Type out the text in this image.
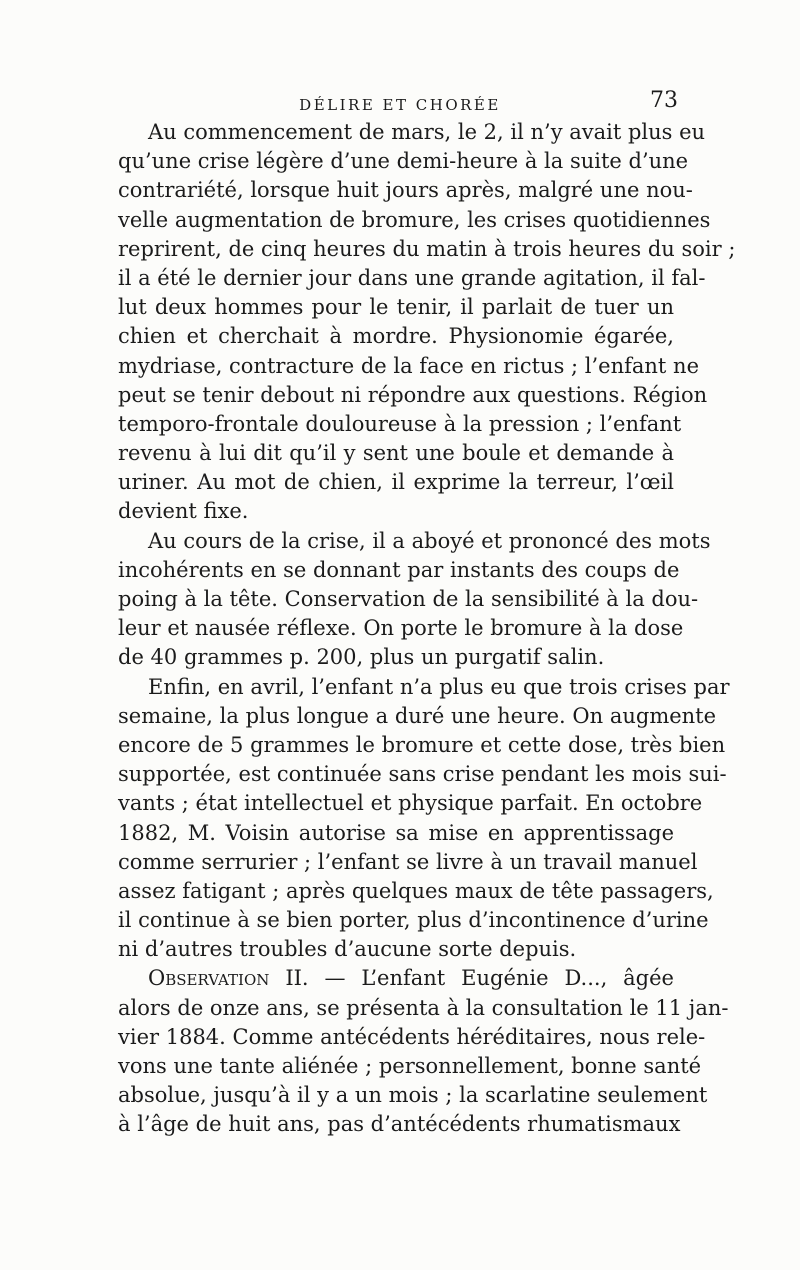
DÉLIRE ET CHORÉE	73
Au commencement de mars, le 2, il n’y avait plus eu
qu’une crise légère d’une demi-heure à la suite d’une
contrariété, lorsque huit jours après, malgré une nou-
velle augmentation de bromure, les crises quotidiennes
reprirent, de cinq heures du matin à trois heures du soir ;
il a été le dernier jour dans une grande agitation, il fal-
lut deux hommes pour le tenir, il parlait de tuer un
chien et cherchait à mordre. Physionomie égarée,
mydriase, contracture de la face en rictus ; l’enfant ne
peut se tenir debout ni répondre aux questions. Région
temporo-frontale douloureuse à la pression ; l’enfant
revenu à lui dit qu’il y sent une boule et demande à
uriner. Au mot de chien, il exprime la terreur, l’œil
devient fixe.
Au cours de la crise, il a aboyé et prononcé des mots
incohérents en se donnant par instants des coups de
poing à la tête. Conservation de la sensibilité à la dou-
leur et nausée réflexe. On porte le bromure à la dose
de 40 grammes p. 200, plus un purgatif salin.
Enfin, en avril, l’enfant n’a plus eu que trois crises par
semaine, la plus longue a duré une heure. On augmente
encore de 5 grammes le bromure et cette dose, très bien
supportée, est continuée sans crise pendant les mois sui-
vants ; état intellectuel et physique parfait. En octobre
1882, M. Voisin autorise sa mise en apprentissage
comme serrurier ; l’enfant se livre à un travail manuel
assez fatigant ; après quelques maux de tête passagers,
il continue à se bien porter, plus d’incontinence d’urine
ni d’autres troubles d’aucune sorte depuis.
Observation II. — L’enfant Eugénie D..., âgée
alors de onze ans, se présenta à la consultation le 11 jan-
vier 1884. Comme antécédents héréditaires, nous rele-
vons une tante aliénée ; personnellement, bonne santé
absolue, jusqu’à il y a un mois ; la scarlatine seulement
à l’âge de huit ans, pas d’antécédents rhumatismaux
